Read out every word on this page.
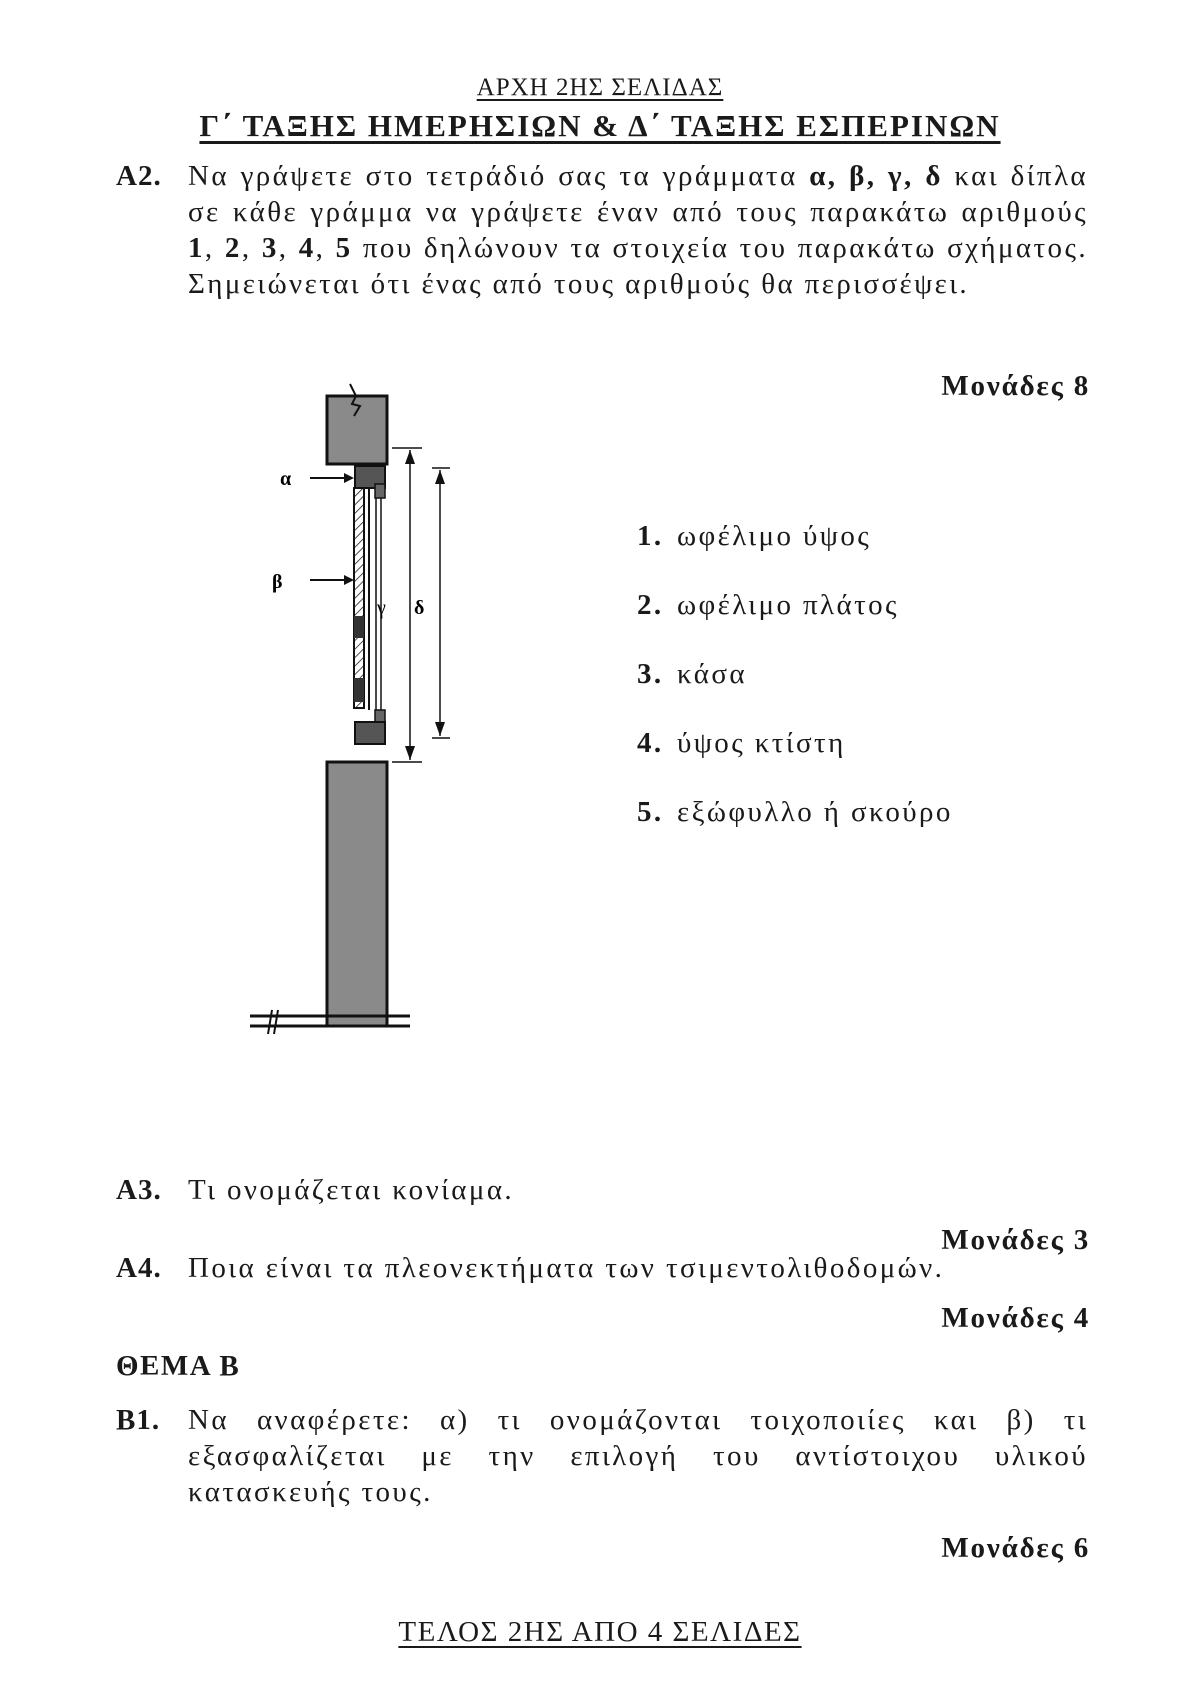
ΑΡΧΗ 2ΗΣ ΣΕΛΙΔΑΣ
Γ΄ ΤΑΞΗΣ ΗΜΕΡΗΣΙΩΝ & Δ΄ ΤΑΞΗΣ ΕΣΠΕΡΙΝΩΝ
Α2. Να γράψετε στο τετράδιό σας τα γράμματα α, β, γ, δ και δίπλα σε κάθε γράμμα να γράψετε έναν από τους παρακάτω αριθμούς 1, 2, 3, 4, 5 που δηλώνουν τα στοιχεία του παρακάτω σχήματος. Σημειώνεται ότι ένας από τους αριθμούς θα περισσέψει.
Μονάδες 8
α
β
γ δ
1. ωφέλιμο ύψος
2. ωφέλιμο πλάτος
3. κάσα
4. ύψος κτίστη
5. εξώφυλλο ή σκούρο
Α3. Τι ονομάζεται κονίαμα.
Μονάδες 3
Α4. Ποια είναι τα πλεονεκτήματα των τσιμεντολιθοδομών.
Μονάδες 4
ΘΕΜΑ Β
Β1. Να αναφέρετε: α) τι ονομάζονται τοιχοποιίες και β) τι εξασφαλίζεται με την επιλογή του αντίστοιχου υλικού κατασκευής τους.
Μονάδες 6
ΤΕΛΟΣ 2ΗΣ ΑΠΟ 4 ΣΕΛΙΔΕΣ
